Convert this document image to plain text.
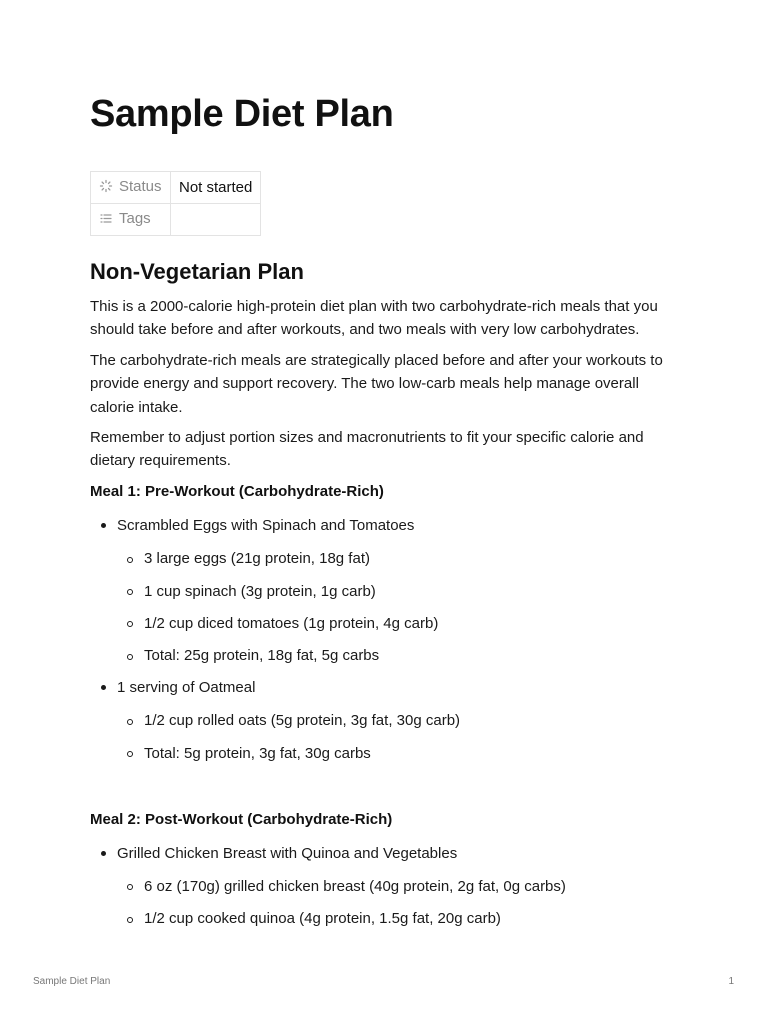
Sample Diet Plan
Status	Not started
Tags	
Non-Vegetarian Plan

This is a 2000-calorie high-protein diet plan with two carbohydrate-rich meals that you should take before and after workouts, and two meals with very low carbohydrates.

The carbohydrate-rich meals are strategically placed before and after your workouts to provide energy and support recovery. The two low-carb meals help manage overall calorie intake.

Remember to adjust portion sizes and macronutrients to fit your specific calorie and dietary requirements.

Meal 1: Pre-Workout (Carbohydrate-Rich)
Scrambled Eggs with Spinach and Tomatoes
3 large eggs (21g protein, 18g fat)
1 cup spinach (3g protein, 1g carb)
1/2 cup diced tomatoes (1g protein, 4g carb)
Total: 25g protein, 18g fat, 5g carbs
1 serving of Oatmeal
1/2 cup rolled oats (5g protein, 3g fat, 30g carb)
Total: 5g protein, 3g fat, 30g carbs
Meal 2: Post-Workout (Carbohydrate-Rich)
Grilled Chicken Breast with Quinoa and Vegetables
6 oz (170g) grilled chicken breast (40g protein, 2g fat, 0g carbs)
1/2 cup cooked quinoa (4g protein, 1.5g fat, 20g carb)
Sample Diet Plan	1
